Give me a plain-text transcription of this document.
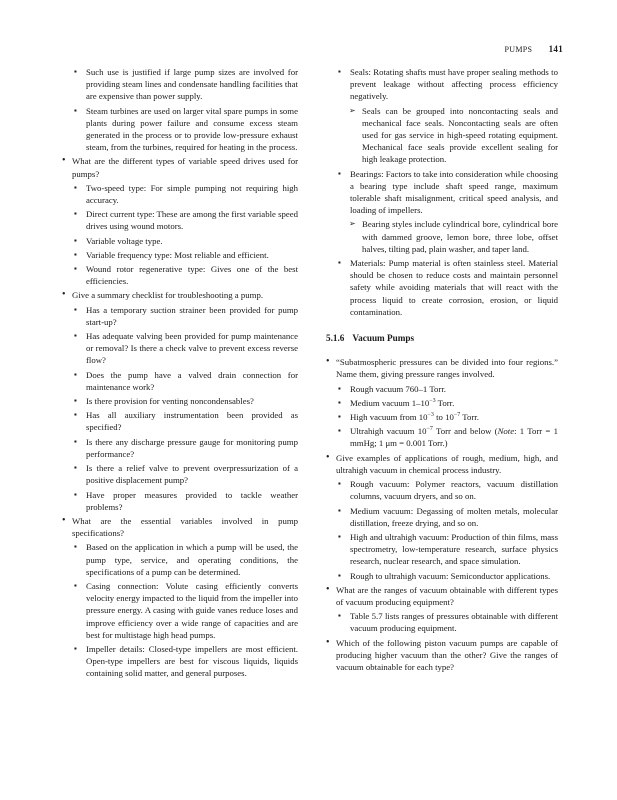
PUMPS 141
▪ Such use is justified if large pump sizes are involved for providing steam lines and condensate handling facilities that are expensive than power supply.
▪ Steam turbines are used on larger vital spare pumps in some plants during power failure and consume excess steam generated in the process or to provide low-pressure exhaust steam, from the turbines, required for heating in the process.
• What are the different types of variable speed drives used for pumps?
▪ Two-speed type: For simple pumping not requiring high accuracy.
▪ Direct current type: These are among the first variable speed drives using wound motors.
▪ Variable voltage type.
▪ Variable frequency type: Most reliable and efficient.
▪ Wound rotor regenerative type: Gives one of the best efficiencies.
• Give a summary checklist for troubleshooting a pump.
▪ Has a temporary suction strainer been provided for pump start-up?
▪ Has adequate valving been provided for pump maintenance or removal? Is there a check valve to prevent excess reverse flow?
▪ Does the pump have a valved drain connection for maintenance work?
▪ Is there provision for venting noncondensables?
▪ Has all auxiliary instrumentation been provided as specified?
▪ Is there any discharge pressure gauge for monitoring pump performance?
▪ Is there a relief valve to prevent overpressurization of a positive displacement pump?
▪ Have proper measures provided to tackle weather problems?
• What are the essential variables involved in pump specifications?
▪ Based on the application in which a pump will be used, the pump type, service, and operating conditions, the specifications of a pump can be determined.
▪ Casing connection: Volute casing efficiently converts velocity energy impacted to the liquid from the impeller into pressure energy. A casing with guide vanes reduce loses and improve efficiency over a wide range of capacities and are best for multistage high head pumps.
▪ Impeller details: Closed-type impellers are most efficient. Open-type impellers are best for viscous liquids, liquids containing solid matter, and general purposes.
▪ Seals: Rotating shafts must have proper sealing methods to prevent leakage without affecting process efficiency negatively.
➢ Seals can be grouped into noncontacting seals and mechanical face seals. Noncontacting seals are often used for gas service in high-speed rotating equipment. Mechanical face seals provide excellent sealing for high leakage protection.
▪ Bearings: Factors to take into consideration while choosing a bearing type include shaft speed range, maximum tolerable shaft misalignment, critical speed analysis, and loading of impellers.
➢ Bearing styles include cylindrical bore, cylindrical bore with dammed groove, lemon bore, three lobe, offset halves, tilting pad, plain washer, and taper land.
▪ Materials: Pump material is often stainless steel. Material should be chosen to reduce costs and maintain personnel safety while avoiding materials that will react with the process liquid to create corrosion, erosion, or liquid contamination.
5.1.6 Vacuum Pumps
• “Subatmospheric pressures can be divided into four regions.” Name them, giving pressure ranges involved.
▪ Rough vacuum 760–1 Torr.
▪ Medium vacuum $1-10^{-3}$ Torr.
▪ High vacuum from $10^{-3}$ to $10^{-7}$ Torr.
▪ Ultrahigh vacuum $10^{-7}$ Torr and below (Note: 1 Torr = 1 mmHg; 1 μm = 0.001 Torr.)
• Give examples of applications of rough, medium, high, and ultrahigh vacuum in chemical process industry.
▪ Rough vacuum: Polymer reactors, vacuum distillation columns, vacuum dryers, and so on.
▪ Medium vacuum: Degassing of molten metals, molecular distillation, freeze drying, and so on.
▪ High and ultrahigh vacuum: Production of thin films, mass spectrometry, low-temperature research, surface physics research, nuclear research, and space simulation.
▪ Rough to ultrahigh vacuum: Semiconductor applications.
• What are the ranges of vacuum obtainable with different types of vacuum producing equipment?
▪ Table 5.7 lists ranges of pressures obtainable with different vacuum producing equipment.
• Which of the following piston vacuum pumps are capable of producing higher vacuum than the other? Give the ranges of vacuum obtainable for each type?
